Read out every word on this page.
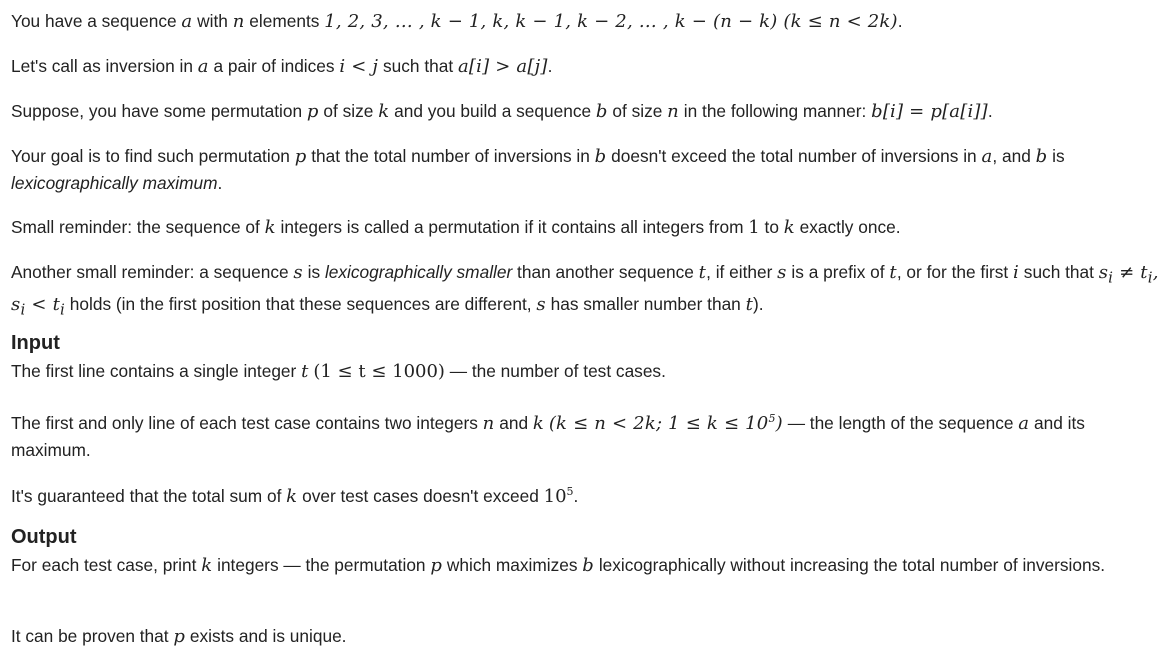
You have a sequence a with n elements 1, 2, 3, … , k − 1, k, k − 1, k − 2, … , k − (n − k) (k ≤ n < 2k).

Let's call as inversion in a a pair of indices i < j such that a[i] > a[j].

Suppose, you have some permutation p of size k and you build a sequence b of size n in the following manner: b[i] = p[a[i]].

Your goal is to find such permutation p that the total number of inversions in b doesn't exceed the total number of inversions in a, and b is
lexicographically maximum.

Small reminder: the sequence of k integers is called a permutation if it contains all integers from 1 to k exactly once.

Another small reminder: a sequence s is lexicographically smaller than another sequence t, if either s is a prefix of t, or for the first i such that $s_i \ne t_i$, $s_i < t_i$ holds (in the first position that these sequences are different, s has smaller number than t).

Input

The first line contains a single integer t (1 ≤ t ≤ 1000) — the number of test cases.

The first and only line of each test case contains two integers n and k (k ≤ n < 2k; $1 \le k \le 10^5$) — the length of the sequence a and its maximum.

It's guaranteed that the total sum of k over test cases doesn't exceed $10^5$.

Output

For each test case, print k integers — the permutation p which maximizes b lexicographically without increasing the total number of inversions.

It can be proven that p exists and is unique.
